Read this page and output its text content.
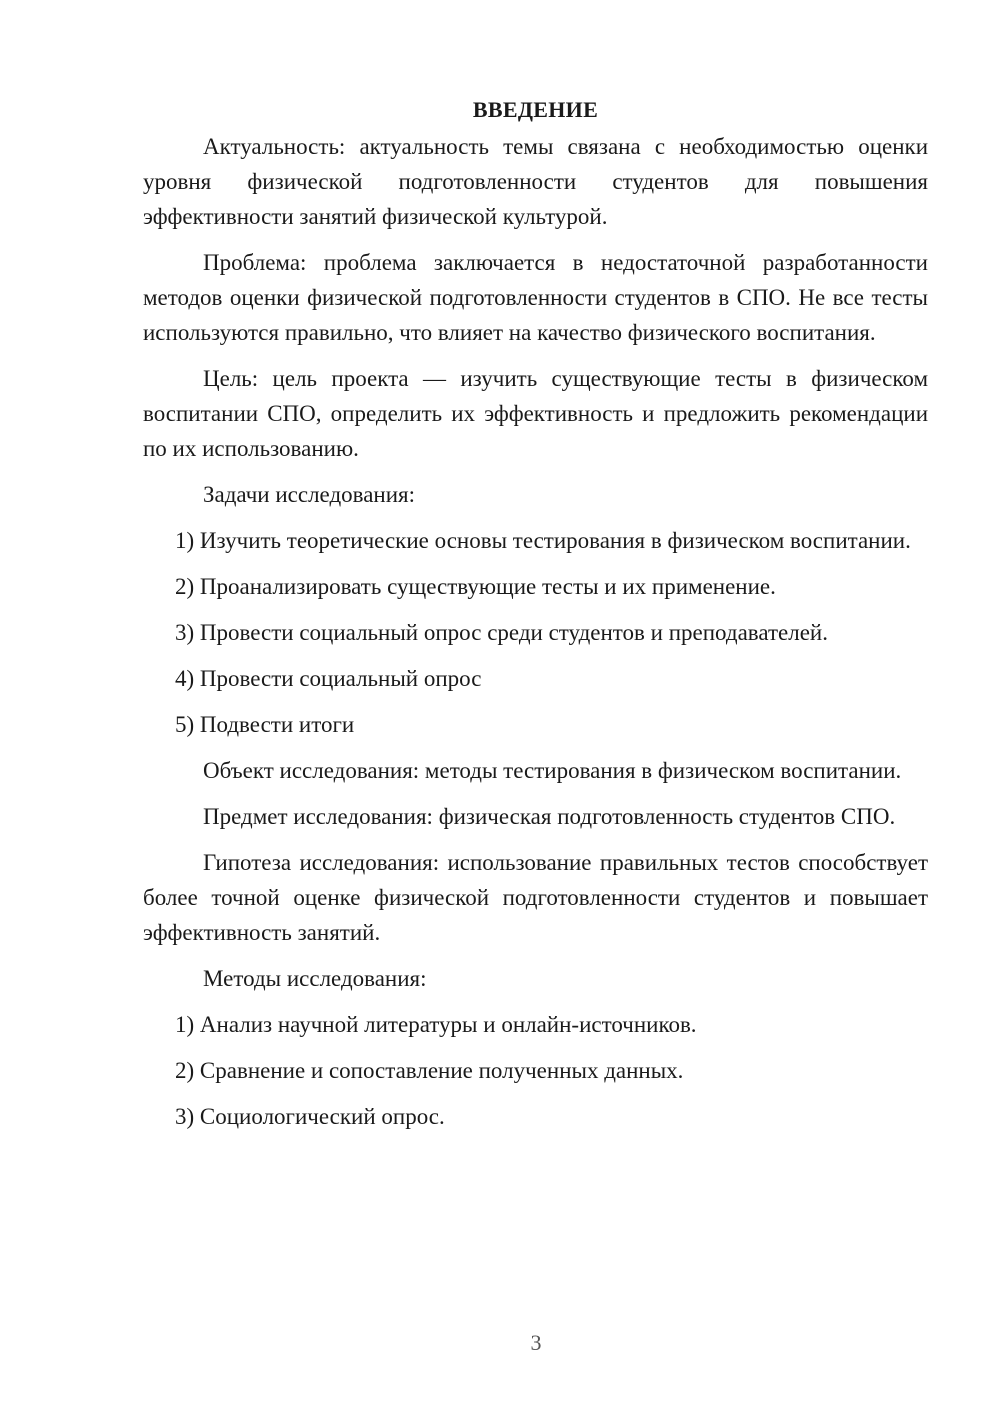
ВВЕДЕНИЕ

Актуальность: актуальность темы связана с необходимостью оценки уровня физической подготовленности студентов для повышения эффективности занятий физической культурой.

Проблема: проблема заключается в недостаточной разработанности методов оценки физической подготовленности студентов в СПО. Не все тесты используются правильно, что влияет на качество физического воспитания.

Цель: цель проекта — изучить существующие тесты в физическом воспитании СПО, определить их эффективность и предложить рекомендации по их использованию.

Задачи исследования:

1) Изучить теоретические основы тестирования в физическом воспитании.

2) Проанализировать существующие тесты и их применение.

3) Провести социальный опрос среди студентов и преподавателей.

4) Провести социальный опрос

5) Подвести итоги

Объект исследования: методы тестирования в физическом воспитании.

Предмет исследования: физическая подготовленность студентов СПО.

Гипотеза исследования: использование правильных тестов способствует более точной оценке физической подготовленности студентов и повышает эффективность занятий.

Методы исследования:

1) Анализ научной литературы и онлайн-источников.

2) Сравнение и сопоставление полученных данных.

3) Социологический опрос.

3
